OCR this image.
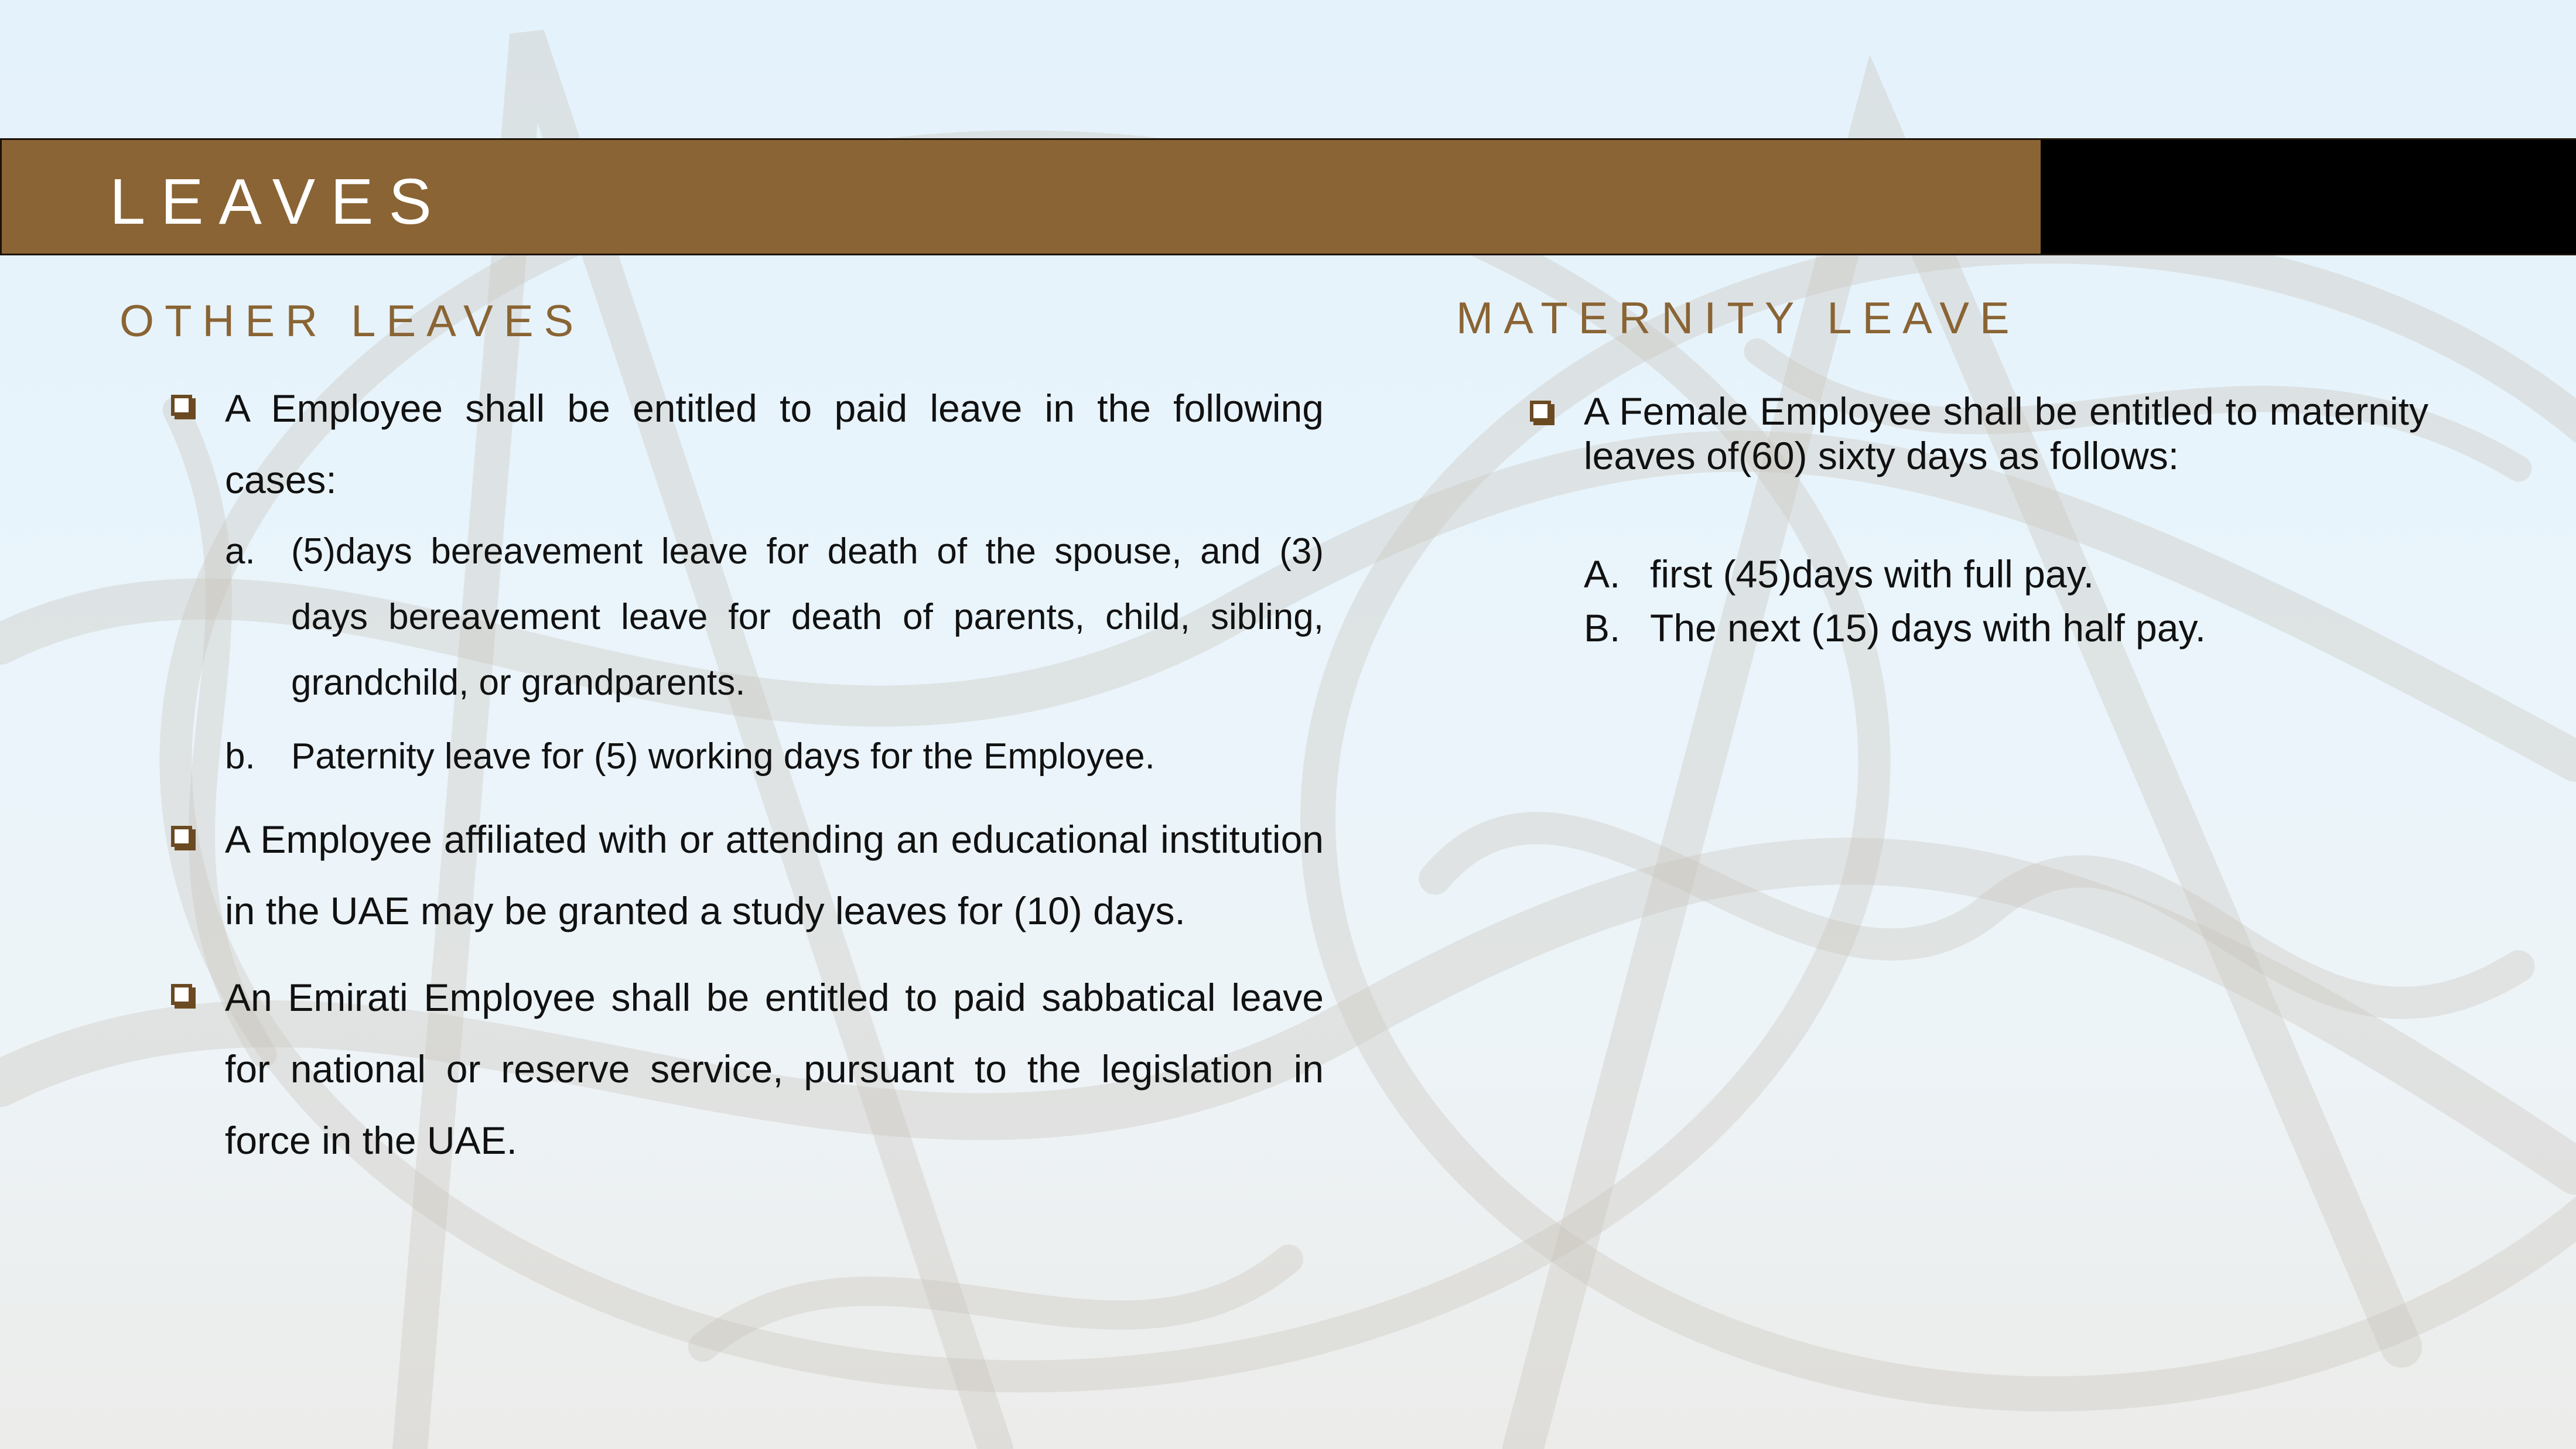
LEAVES
OTHER LEAVES
A Employee shall be entitled to paid leave in the following cases:
a. (5)days bereavement leave for death of the spouse, and (3) days bereavement leave for death of parents, child, sibling, grandchild, or grandparents.
b. Paternity leave for (5) working days for the Employee.
A Employee affiliated with or attending an educational institution in the UAE may be granted a study leaves for (10) days.
An Emirati Employee shall be entitled to paid sabbatical leave for national or reserve service, pursuant to the legislation in force in the UAE.
MATERNITY LEAVE
A Female Employee shall be entitled to maternity leaves of(60) sixty days as follows:
A. first (45)days with full pay.
B. The next (15) days with half pay.
